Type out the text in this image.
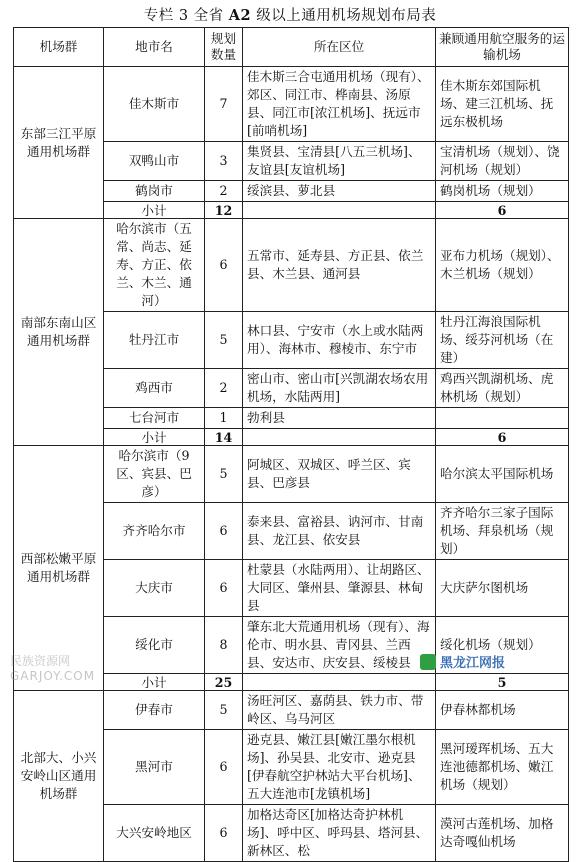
专栏 3 全省 A2 级以上通用机场规划布局表
机场群	地市名	规划数量	所在区位	兼顾通用航空服务的运输机场
东部三江平原通用机场群	佳木斯市	7	佳木斯三合屯通用机场（现有）、郊区、同江市、桦南县、汤原县、同江市[浓江机场]、抚远市[前哨机场]	佳木斯东郊国际机场、建三江机场、抚远东极机场
	双鸭山市	3	集贤县、宝清县[八五三机场]、友谊县[友谊机场]	宝清机场（规划）、饶河机场（规划）
	鹤岗市	2	绥滨县、萝北县	鹤岗机场（规划）
	小计	12		6
南部东南山区通用机场群	哈尔滨市（五常、尚志、延寿、方正、依兰、木兰、通河）	6	五常市、延寿县、方正县、依兰县、木兰县、通河县	亚布力机场（规划）、木兰机场（规划）
	牡丹江市	5	林口县、宁安市（水上或水陆两用）、海林市、穆棱市、东宁市	牡丹江海浪国际机场、绥芬河机场（在建）
	鸡西市	2	密山市、密山市[兴凯湖农场农用机场，水陆两用]	鸡西兴凯湖机场、虎林机场（规划）
	七台河市	1	勃利县	
	小计	14		6
西部松嫩平原通用机场群	哈尔滨市（9区、宾县、巴彦）	5	阿城区、双城区、呼兰区、宾县、巴彦县	哈尔滨太平国际机场
	齐齐哈尔市	6	泰来县、富裕县、讷河市、甘南县、龙江县、依安县	齐齐哈尔三家子国际机场、拜泉机场（规划）
	大庆市	6	杜蒙县（水陆两用）、让胡路区、大同区、肇州县、肇源县、林甸县	大庆萨尔图机场
	绥化市	8	肇东北大荒通用机场（现有）、海伦市、明水县、青冈县、兰西县、安达市、庆安县、绥棱县	绥化机场（规划）
	小计	25		5
北部大、小兴安岭山区通用机场群	伊春市	5	汤旺河区、嘉荫县、铁力市、带岭区、乌马河区	伊春林都机场
	黑河市	6	逊克县、嫩江县[嫩江墨尔根机场]、孙吴县、北安市、逊克县[伊春航空护林站大平台机场]、五大连池市[龙镇机场]	黑河瑷珲机场、五大连池德都机场、嫩江机场（规划）
	大兴安岭地区	6	加格达奇区[加格达奇护林机场]、呼中区、呼玛县、塔河县、新林区、松	漠河古莲机场、加格达奇嘎仙机场
民族资源网
GARJOY.COM
黑龙江网报
